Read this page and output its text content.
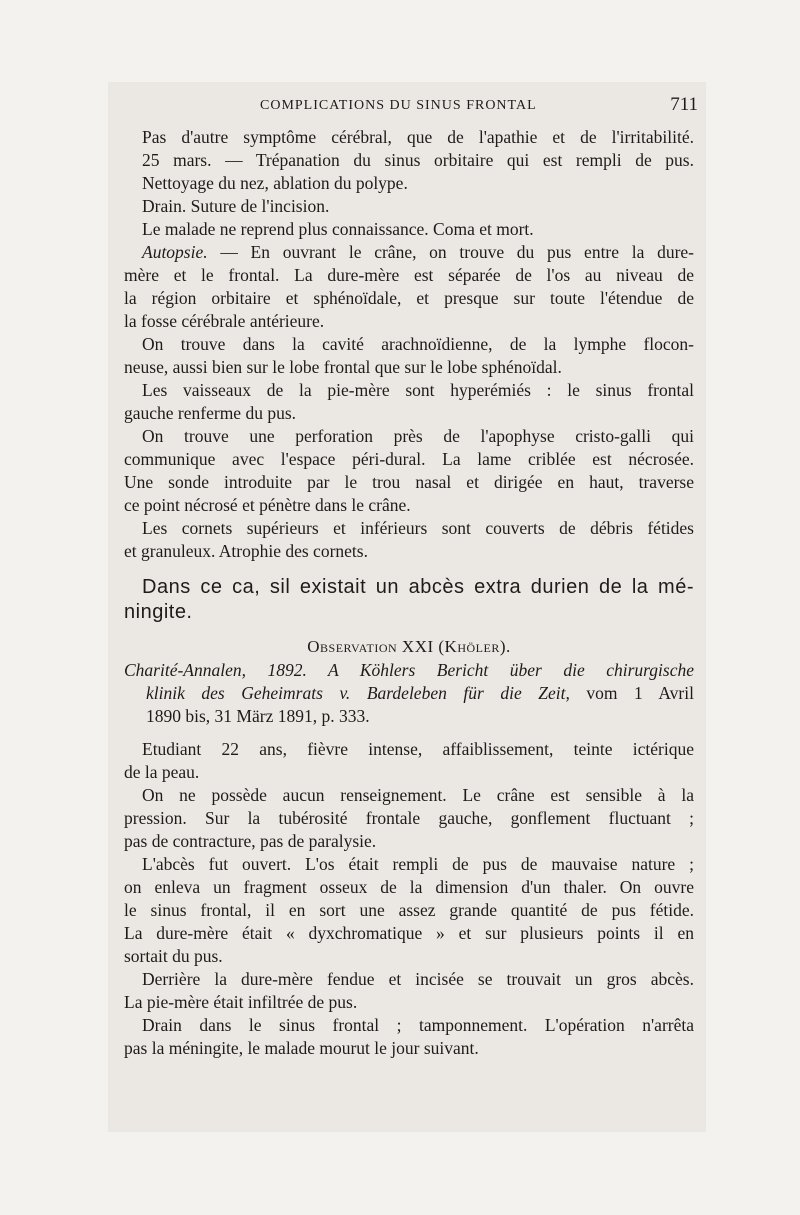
COMPLICATIONS DU SINUS FRONTAL	711
Pas d'autre symptôme cérébral, que de l'apathie et de l'irritabilité.
25 mars. — Trépanation du sinus orbitaire qui est rempli de pus.
Nettoyage du nez, ablation du polype.
Drain. Suture de l'incision.
Le malade ne reprend plus connaissance. Coma et mort.
Autopsie. — En ouvrant le crâne, on trouve du pus entre la dure-
mère et le frontal. La dure-mère est séparée de l'os au niveau de
la région orbitaire et sphénoïdale, et presque sur toute l'étendue de
la fosse cérébrale antérieure.
On trouve dans la cavité arachnoïdienne, de la lymphe flocon-
neuse, aussi bien sur le lobe frontal que sur le lobe sphénoïdal.
Les vaisseaux de la pie-mère sont hyperémiés : le sinus frontal
gauche renferme du pus.
On trouve une perforation près de l'apophyse cristo-galli qui
communique avec l'espace péri-dural. La lame criblée est nécrosée.
Une sonde introduite par le trou nasal et dirigée en haut, traverse
ce point nécrosé et pénètre dans le crâne.
Les cornets supérieurs et inférieurs sont couverts de débris fétides
et granuleux. Atrophie des cornets.
Dans ce ca, sil existait un abcès extra durien de la mé-
ningite.
Observation XXI (Khöler).
Charité-Annalen, 1892. A Köhlers Bericht über die chirurgische
klinik des Geheimrats v. Bardeleben für die Zeit, vom 1 Avril
1890 bis, 31 März 1891, p. 333.
Etudiant 22 ans, fièvre intense, affaiblissement, teinte ictérique
de la peau.
On ne possède aucun renseignement. Le crâne est sensible à la
pression. Sur la tubérosité frontale gauche, gonflement fluctuant ;
pas de contracture, pas de paralysie.
L'abcès fut ouvert. L'os était rempli de pus de mauvaise nature ;
on enleva un fragment osseux de la dimension d'un thaler. On ouvre
le sinus frontal, il en sort une assez grande quantité de pus fétide.
La dure-mère était « dyxchromatique » et sur plusieurs points il en
sortait du pus.
Derrière la dure-mère fendue et incisée se trouvait un gros abcès.
La pie-mère était infiltrée de pus.
Drain dans le sinus frontal ; tamponnement. L'opération n'arrêta
pas la méningite, le malade mourut le jour suivant.
